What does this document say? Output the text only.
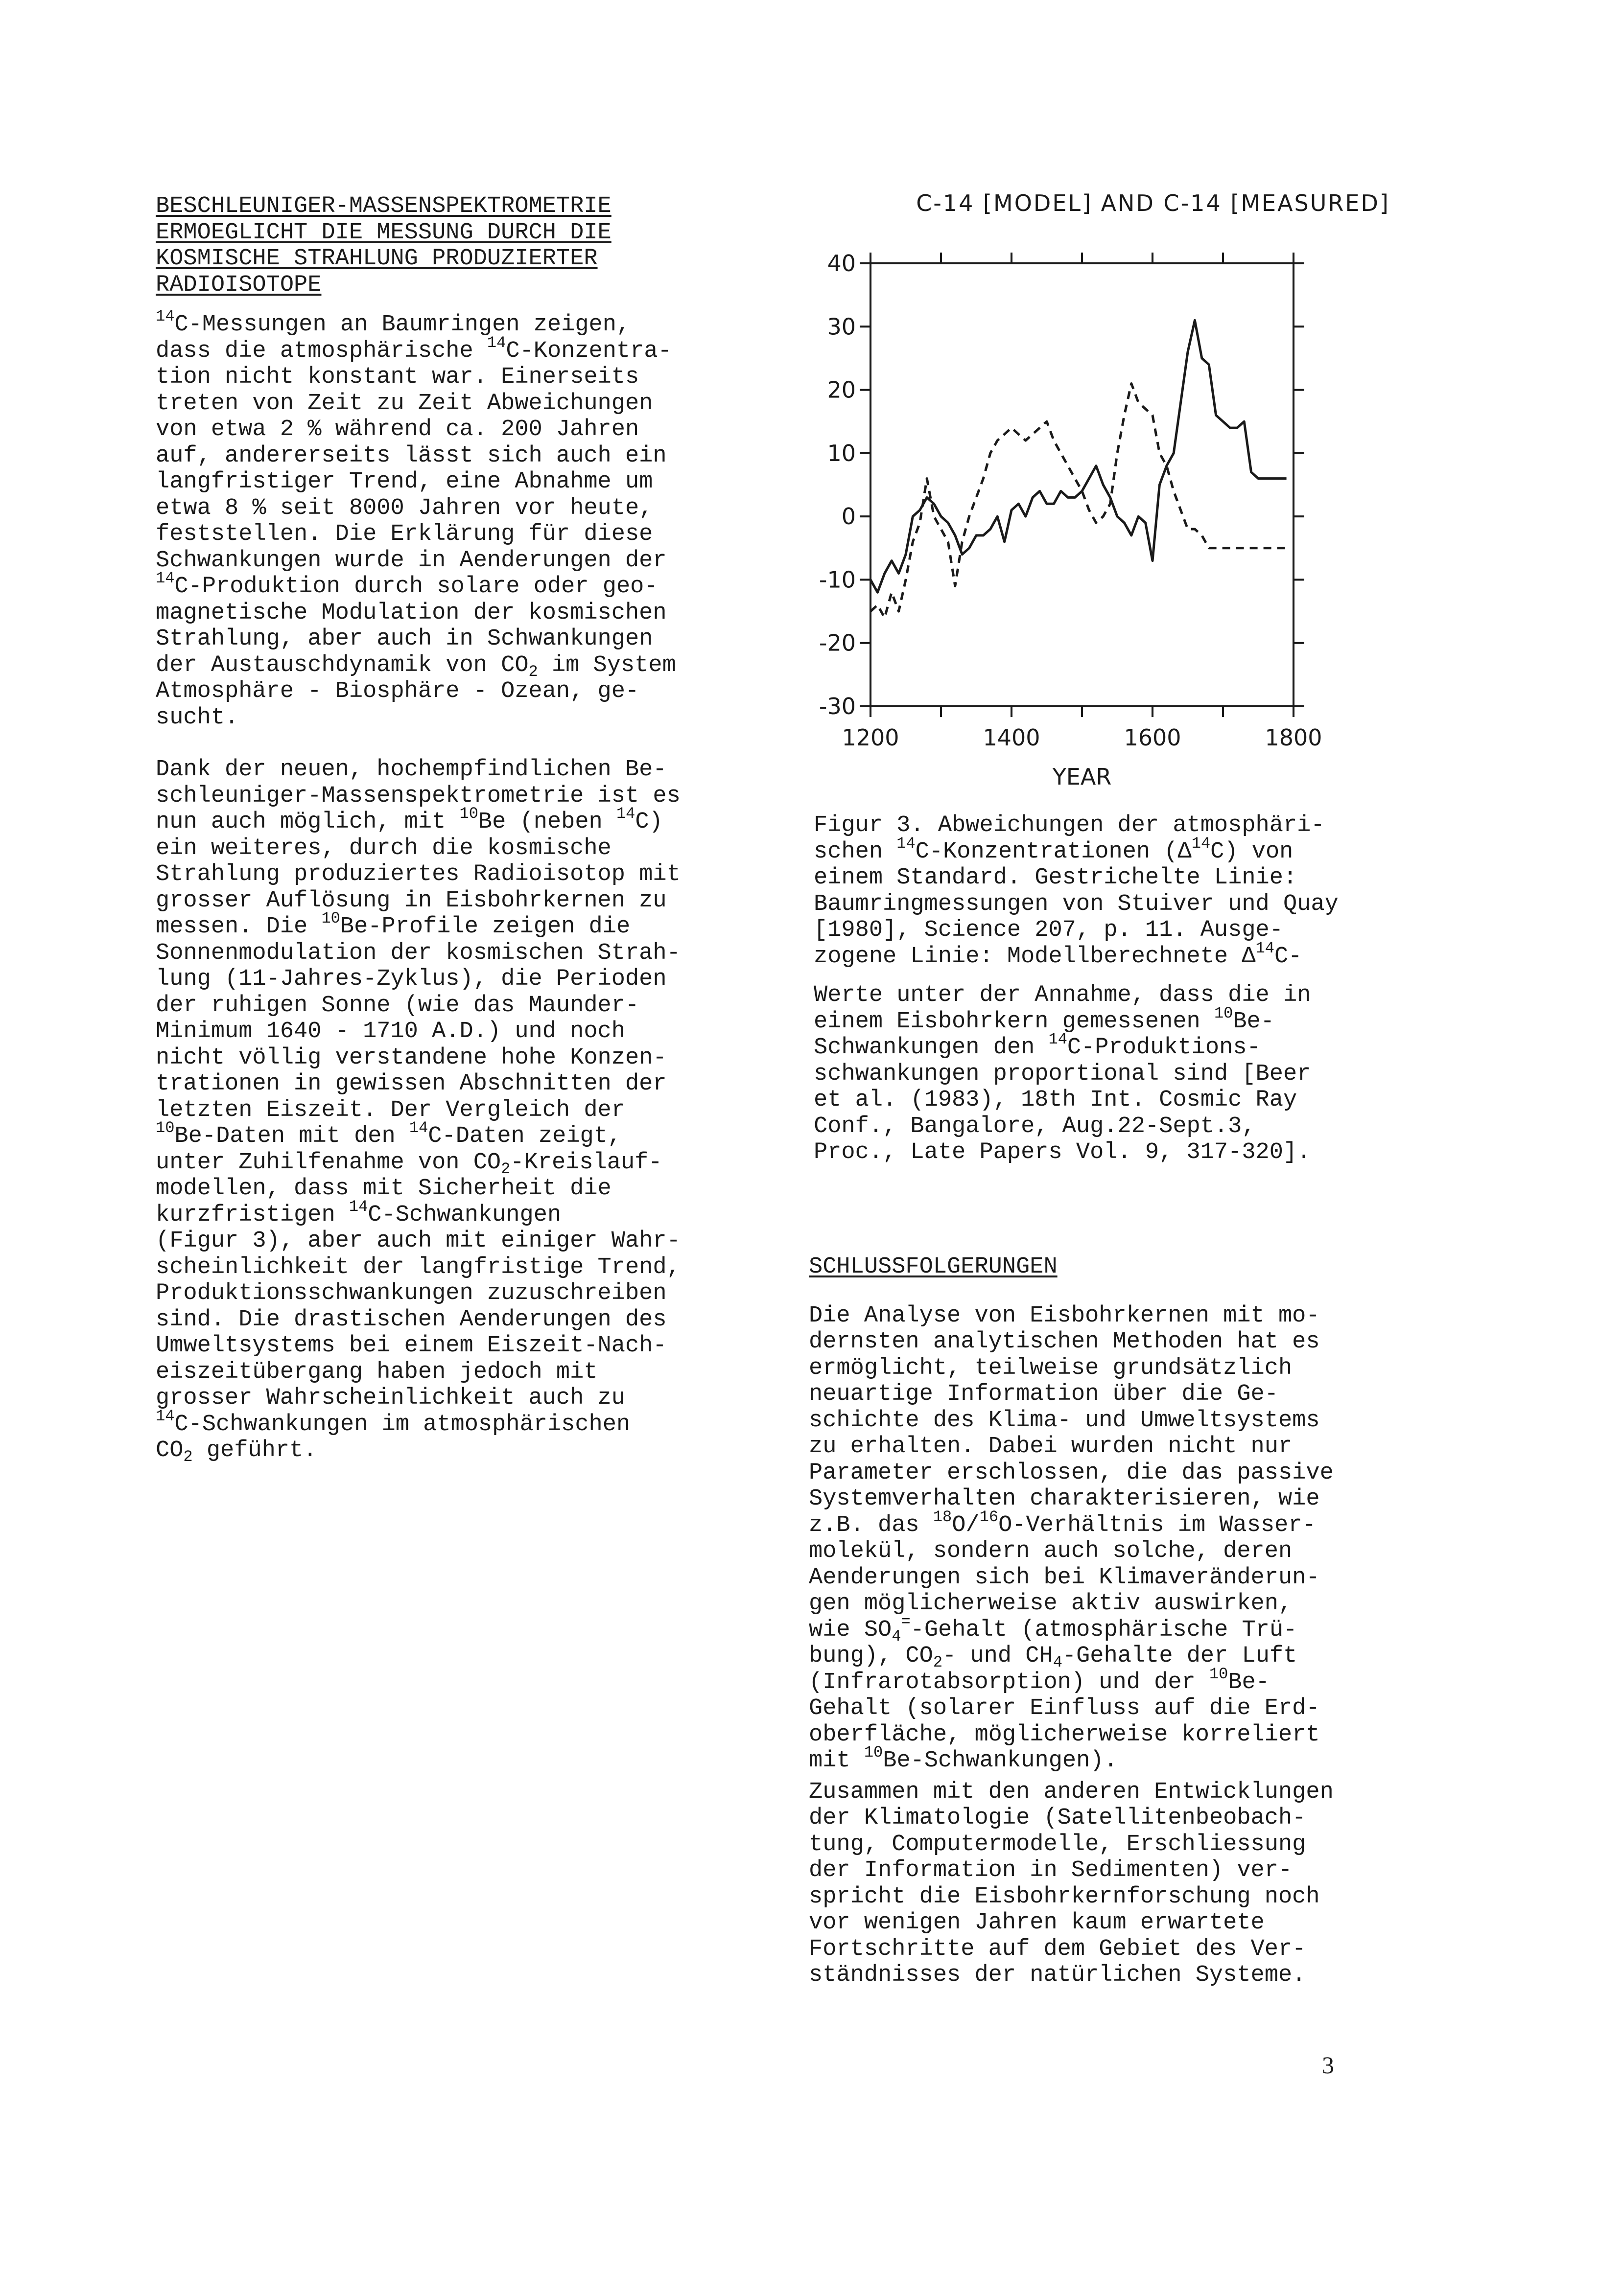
BESCHLEUNIGER-MASSENSPEKTROMETRIE

ERMOEGLICHT DIE MESSUNG DURCH DIE

KOSMISCHE STRAHLUNG PRODUZIERTER

RADIOISOTOPE

$^{14}$C-Messungen an Baumringen zeigen,

dass die atmosphärische $^{14}$C-Konzentra-

tion nicht konstant war. Einerseits

treten von Zeit zu Zeit Abweichungen

von etwa 2 % während ca. 200 Jahren

auf, andererseits lässt sich auch ein

langfristiger Trend, eine Abnahme um

etwa 8 % seit 8000 Jahren vor heute,

feststellen. Die Erklärung für diese

Schwankungen wurde in Aenderungen der

$^{14}$C-Produktion durch solare oder geo-

magnetische Modulation der kosmischen

Strahlung, aber auch in Schwankungen

der Austauschdynamik von $CO_2$ im System

Atmosphäre - Biosphäre - Ozean, ge-

sucht.

Dank der neuen, hochempfindlichen Be-

schleuniger-Massenspektrometrie ist es

nun auch möglich, mit $^{10}$Be (neben $^{14}$C)

ein weiteres, durch die kosmische

Strahlung produziertes Radioisotop mit

grosser Auflösung in Eisbohrkernen zu

messen. Die $^{10}$Be-Profile zeigen die

Sonnenmodulation der kosmischen Strah-

lung (11-Jahres-Zyklus), die Perioden

der ruhigen Sonne (wie das Maunder-

Minimum 1640 - 1710 A.D.) und noch

nicht völlig verstandene hohe Konzen-

trationen in gewissen Abschnitten der

letzten Eiszeit. Der Vergleich der

$^{10}$Be-Daten mit den $^{14}$C-Daten zeigt,

unter Zuhilfenahme von $CO_2-Kreislauf-$

modellen, dass mit Sicherheit die

kurzfristigen $^{14}$C-Schwankungen

(Figur 3), aber auch mit einiger Wahr-

scheinlichkeit der langfristige Trend,

Produktionsschwankungen zuzuschreiben

sind. Die drastischen Aenderungen des

Umweltsystems bei einem Eiszeit-Nach-

eiszeitübergang haben jedoch mit

grosser Wahrscheinlichkeit auch zu

$^{14}$C-Schwankungen im atmosphärischen

$CO_2$ geführt.

C-14 [MODEL] AND C-14 [MEASURED]
40
30
20
10
0
-10
-20
-30
1200	1400	1600	1800
YEAR

Figur 3. Abweichungen der atmosphäri-

schen $^{14}$C-Konzentrationen $(\Delta^{14}C)$ von

einem Standard. Gestrichelte Linie:

Baumringmessungen von Stuiver und Quay

[1980], Science 207, p. 11. Ausge-

zogene Linie: Modellberechnete $\Delta^{14}C-$

Werte unter der Annahme, dass die in

einem Eisbohrkern gemessenen $^{10}$Be-

Schwankungen den $^{14}$C-Produktions-

schwankungen proportional sind [Beer

et al. (1983), 18th Int. Cosmic Ray

Conf., Bangalore, Aug.22-Sept.3,

Proc., Late Papers Vol. 9, 317-320].

SCHLUSSFOLGERUNGEN

Die Analyse von Eisbohrkernen mit mo-

dernsten analytischen Methoden hat es

ermöglicht, teilweise grundsätzlich

neuartige Information über die Ge-

schichte des Klima- und Umweltsystems

zu erhalten. Dabei wurden nicht nur

Parameter erschlossen, die das passive

Systemverhalten charakterisieren, wie

z.B. das $^{18}$O/$^{16}$O-Verhältnis im Wasser-

molekül, sondern auch solche, deren

Aenderungen sich bei Klimaveränderun-

gen möglicherweise aktiv auswirken,

wie $SO_4^=$-Gehalt (atmosphärische Trü-

bung), $CO_2-$ und $CH_4$-Gehalte der Luft

(Infrarotabsorption) und der $^{10}$Be-

Gehalt (solarer Einfluss auf die Erd-

oberfläche, möglicherweise korreliert

mit $^{10}$Be-Schwankungen).

Zusammen mit den anderen Entwicklungen

der Klimatologie (Satellitenbeobach-

tung, Computermodelle, Erschliessung

der Information in Sedimenten) ver-

spricht die Eisbohrkernforschung noch

vor wenigen Jahren kaum erwartete

Fortschritte auf dem Gebiet des Ver-

ständnisses der natürlichen Systeme.

3
